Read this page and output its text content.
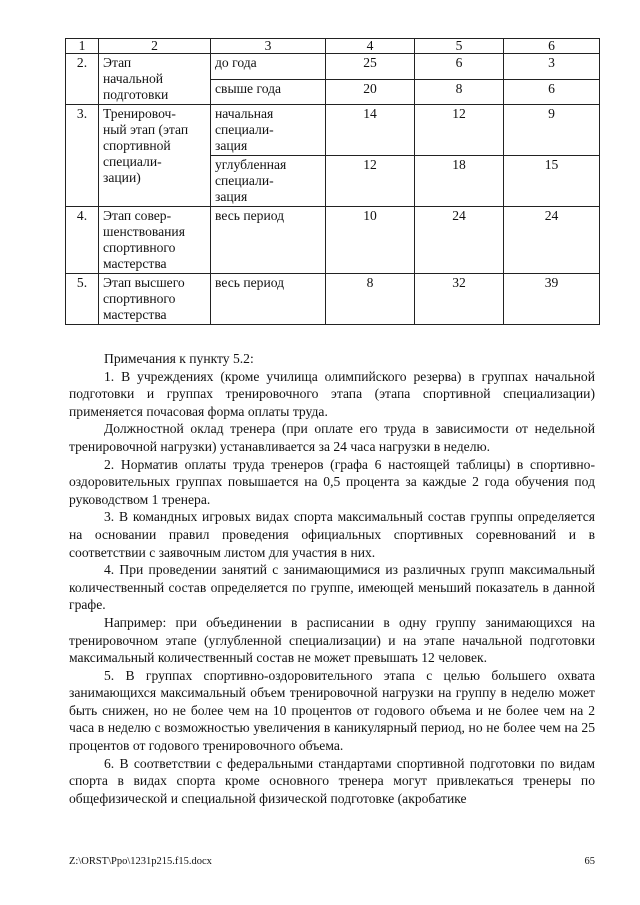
1	2	3	4	5	6
2.	Этап
начальной
подготовки	до года	25	6	3
		свыше года	20	8	6
3.	Тренировоч-
ный этап (этап
спортивной
специали-
зации)	начальная
специали-
зация	14	12	9
		углубленная
специали-
зация	12	18	15
4.	Этап совер-
шенствования
спортивного
мастерства	весь период	10	24	24
5.	Этап высшего
спортивного
мастерства	весь период	8	32	39

Примечания к пункту 5.2:

1. В учреждениях (кроме училища олимпийского резерва) в группах начальной подготовки и группах тренировочного этапа (этапа спортивной специализации) применяется почасовая форма оплаты труда.

Должностной оклад тренера (при оплате его труда в зависимости от недельной тренировочной нагрузки) устанавливается за 24 часа нагрузки в неделю.

2. Норматив оплаты труда тренеров (графа 6 настоящей таблицы) в спортивно-оздоровительных группах повышается на 0,5 процента за каждые 2 года обучения под руководством 1 тренера.

3. В командных игровых видах спорта максимальный состав группы определяется на основании правил проведения официальных спортивных соревнований и в соответствии с заявочным листом для участия в них.

4. При проведении занятий с занимающимися из различных групп максимальный количественный состав определяется по группе, имеющей меньший показатель в данной графе.

Например: при объединении в расписании в одну группу занимающихся на тренировочном этапе (углубленной специализации) и на этапе начальной подготовки максимальный количественный состав не может превышать 12 человек.

5. В группах спортивно-оздоровительного этапа с целью большего охвата занимающихся максимальный объем тренировочной нагрузки на группу в неделю может быть снижен, но не более чем на 10 процентов от годового объема и не более чем на 2 часа в неделю с возможностью увеличения в каникулярный период, но не более чем на 25 процентов от годового тренировочного объема.

6. В соответствии с федеральными стандартами спортивной подготовки по видам спорта в видах спорта кроме основного тренера могут привлекаться тренеры по общефизической и специальной физической подготовке (акробатике

Z:\ORST\Ppo\1231p215.f15.docx	65
